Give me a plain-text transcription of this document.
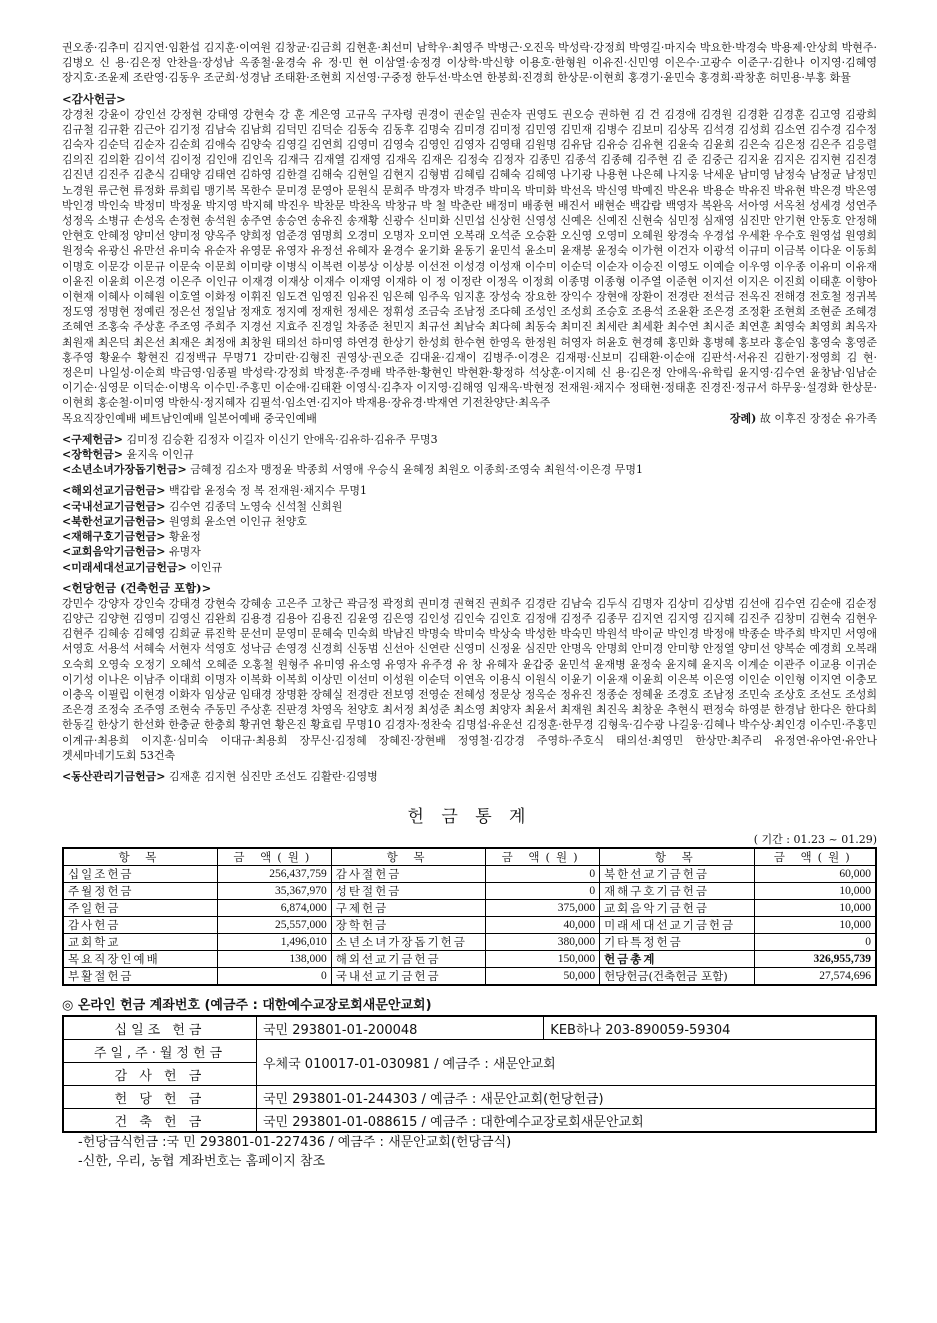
권오종·김추미 김지연·임환섭 김지훈·이여원 김창균·김금희 김현훈·최선미 남학우·최영주 박병근·오진옥 박성락·강정희 박영길·마지숙 박요한·박경숙 박용제·안상희 박현주·김병오 신 용·김은정 안찬을·장성남 옥종철·윤경숙 유 정·민 현 이삼열·송정경 이상학·박신향 이용호·한형원 이유진·신민영 이은수·고광수 이준구·김한나 이지영·김혜영 장지호·조윤제 조란영·김동우 조군희·성경남 조태환·조현희 지선영·구중정 한두선·박소연 한봉희·진경희 한상문·이현희 홍경기·윤민숙 홍경희·곽창훈 허민용·부홍 화뮬

<감사헌금>

강경천 강윤이 강인선 강정현 강태영 강현숙 강 훈 게은영 고규옥 구자령 권경이 권순일 권순자 권영도 권오승 권하현 김 건 김경애 김경원 김경환 김경훈 김고영 김광희 김규철 김규환 김근아 김기정 김남숙 김남희 김덕민 김덕순 김동숙 김동후 김명숙 김미경 김미정 김민영 김민재 김병수 김보미 김상목 김석경 김성희 김소연 김수경 김수정 김숙자 김순덕 김순자 김순희 김애숙 김양숙 김영길 김연희 김영미 김영숙 김영인 김영자 김영태 김원명 김유담 김유승 김유현 김윤숙 김윤희 김은숙 김은정 김은주 김응렬 김의진 김의환 김이석 김이정 김인애 김인옥 김재극 김재열 김재영 김재옥 김재은 김정숙 김정자 김종민 김종석 김종혜 김주현 김 준 김중근 김지윤 김지은 김지현 김진경 김진년 김진주 김춘식 김태양 김태연 김하영 김한결 김해숙 김현일 김현지 김형범 김혜림 김혜숙 김혜영 나기광 나용현 나은혜 나지웅 낙세운 남미영 남정숙 남정균 남정민 노경원 류근현 류정화 류희림 맹기복 목한수 문미경 문영아 문원식 문희주 박경자 박경주 박미옥 박미화 박선옥 박신영 박예진 박온유 박용순 박유진 박유현 박은경 박은영 박인경 박인숙 박정미 박정윤 박지영 박지혜 박진우 박찬문 박찬옥 박창규 박 철 박춘란 배정미 배종현 배진서 배현순 백갑람 백영자 복완옥 서아영 서옥천 성세경 성연주 성정옥 소병규 손성옥 손정현 송석원 송주연 송승연 송유진 송재황 신광수 신미화 신민섭 신상헌 신영성 신예은 신예진 신현숙 심민정 심재영 심진만 안기현 안동호 안정해 안현호 안혜정 양미선 양미정 양옥주 양희정 엄준경 염명희 오경미 오명자 오미연 오복래 오석준 오승환 오신영 오영미 오혜원 왕경숙 우경섭 우세환 우수호 원영섭 원영희 원정숙 유광신 유만선 유미숙 유순자 유영문 유영자 유정선 유혜자 윤경수 윤기화 윤동기 윤민석 윤소미 윤재봉 윤정숙 이가현 이건자 이광석 이규미 이금복 이다운 이동희 이명호 이문강 이문규 이문숙 이문희 이미량 이병식 이복련 이봉상 이상봉 이선전 이성경 이성재 이수미 이순덕 이순자 이승진 이영도 이예슬 이우영 이우종 이유미 이유재 이윤진 이윤희 이은경 이은주 이인규 이재경 이재상 이재수 이재영 이재하 이 정 이정란 이정옥 이정희 이종명 이종형 이주열 이준현 이지선 이지은 이진희 이태훈 이향아 이현재 이혜사 이혜원 이호열 이화정 이휘진 임도견 임영진 임유진 임은혜 임주옥 임지훈 장성숙 장요한 장익수 장현애 장환이 전경란 전석금 전옥진 전해경 전호철 정귀복 정도영 정명현 정예린 정은선 정일남 정재호 정지예 정재헌 정세은 정휘성 조금숙 조남정 조다혜 조성인 조성희 조승호 조용석 조윤환 조은경 조정환 조현희 조현준 조혜경 조혜연 조홍숙 주상훈 주조영 주희주 지경선 지효주 진경일 차종준 천민지 최규선 최남숙 최다혜 최동숙 최미진 최세란 최세환 최수연 최시준 최연훈 최영숙 최영희 최옥자 최원재 최은덕 최은선 최재은 최정애 최창원 태의선 하미영 하연경 한상기 한성희 한수현 한영옥 한정원 허영자 허윤호 현경혜 홍민화 홍병혜 홍보라 홍순임 홍영숙 홍영준 홍주영 황윤수 황현진 김정백규 무명71 강미란·김형진 권영상·권오준 김대윤·김재이 김병주·이경은 김재평·신보미 김태환·이순애 김판석·서유진 김한기·정영희 김 현·정은미 나일성·이순희 박금영·임종필 박성락·강정희 박정훈·주경배 박주한·황현인 박현환·황정하 석상훈·이지혜 신 용·김은정 안애옥·유학림 윤지영·김수연 윤창남·임남순 이기순·심영문 이덕순·이병옥 이수민·주홍민 이순애·김태환 이영식·김추자 이지영·김해영 임재옥·박현정 전재원·채지수 정태현·정태훈 진경진·정규서 하무웅·설경화 한상문·이현희 홍순철·이미영 박한식·정지혜자 김필석·임소연·김지아 박재용·장유경·박재연 기전찬양단·최옥주

목요직장인예배 베트남인예배 일본어예배 중국인예배	장례) 故 이후진 장정순 유가족
<구제헌금> 김미정 김승환 김정자 이길자 이신기 안애옥·김유하·김유주 무명3
<장학헌금> 윤지옥 이인규
<소년소녀가장돕기헌금> 금혜정 김소자 맹정윤 박종희 서영애 우승식 윤혜정 최원오 이종희·조영숙 최원석·이은경 무명1
<해외선교기금헌금> 백갑람 윤정숙 정 복 전재원·채지수 무명1
<국내선교기금헌금> 김수연 김종덕 노영숙 신석철 신희원
<북한선교기금헌금> 원영희 윤소연 이인규 천양호
<재해구호기금헌금> 황윤정
<교회음악기금헌금> 유명자
<미래세대선교기금헌금> 이인규
<헌당헌금 (건축헌금 포함)>

강민수 강양자 강인숙 강태경 강현숙 강혜송 고은주 고창근 곽금정 곽정희 권미경 권혁진 권희주 김경란 김남숙 김두식 김명자 김상미 김상범 김선애 김수연 김순애 김순정 김양근 김양현 김영미 김영신 김완희 김용경 김용아 김용진 김윤영 김은영 김인성 김인숙 김인호 김정애 김정주 김종무 김지연 김지영 김지혜 김진주 김창미 김현숙 김현우 김현주 김혜송 김혜영 김희균 류진학 문선미 문영미 문혜숙 민숙희 박남진 박명숙 박미숙 박상숙 박성한 박숙민 박원석 박이균 박인경 박정애 박종순 박주희 박지민 서영애 서영호 서용석 서혜숙 서현자 석영호 성낙금 손영경 신경희 신동범 신선아 신연란 신영미 신정윤 심진만 안명옥 안명희 안미경 안미향 안정열 양미선 양복순 예경희 오복래 오숙희 오영숙 오정기 오혜석 오혜준 오홍철 원형주 유미영 유소영 유영자 유주경 유 창 유혜자 윤갑중 윤민석 윤재병 윤정숙 윤지혜 윤지옥 이계순 이관주 이교용 이귀순 이기성 이나은 이남주 이대희 이명자 이복화 이복희 이상민 이선미 이성원 이순덕 이연옥 이용식 이원식 이윤기 이윤재 이윤희 이은복 이은영 이인순 이인형 이지연 이충모 이충옥 이필립 이현경 이화자 임상균 임태경 장명환 장혜실 전경란 전보영 전영순 전혜성 정문상 정옥순 정유진 정종순 정혜윤 조경호 조남정 조민숙 조상호 조선도 조성희 조은경 조정숙 조주영 조현숙 주동민 주상훈 진판경 차영옥 천양호 최서정 최성준 최소영 최양자 최윤서 최재원 최진옥 최창운 추현식 편정숙 하영분 한경남 한다은 한다희 한동길 한상기 한선화 한충균 한충희 황귀연 황은진 황효림 무명10 김경자·정찬숙 김명섭·유운선 김정훈·한무경 김형욱·김수광 나길웅·김혜나 박수상·최인경 이수민·주홍민 이계규·최용희 이지훈·심미숙 이대규·최용희 장무신·김정혜 장혜진·장현배 정영철·김강경 주영하·주호식 태의선·최영민 한상만·최주리 유정연·유아연·유안나 겟세마네기도회 53건축

<동산관리기금헌금> 김재훈 김지현 심진만 조선도 김활란·김영병
헌 금 통 계
( 기간 : 01.23 ~ 01.29)
항 목	금 액(원)	항 목	금 액(원)	항 목	금 액(원)
십일조헌금	256,437,759	감사절헌금	0	북한선교기금헌금	60,000
주월정헌금	35,367,970	성탄절헌금	0	재해구호기금헌금	10,000
주일헌금	6,874,000	구제헌금	375,000	교회음악기금헌금	10,000
감사헌금	25,557,000	장학헌금	40,000	미래세대선교기금헌금	10,000
교회학교	1,496,010	소년소녀가장돕기헌금	380,000	기타특정헌금	0
목요직장인예배	138,000	해외선교기금헌금	150,000	헌금총계	326,955,739
부활절헌금	0	국내선교기금헌금	50,000	헌당헌금(건축헌금 포함)	27,574,696
◎ 온라인 헌금 계좌번호 (예금주 : 대한예수교장로회새문안교회)
십일조 헌금	국민 293801-01-200048	KEB하나 203-890059-59304
주일,주·월정헌금	우체국 010017-01-030981 / 예금주 : 새문안교회	
감 사 헌 금		
헌 당 헌 금	국민 293801-01-244303 / 예금주 : 새문안교회(헌당헌금)	
건 축 헌 금	국민 293801-01-088615 / 예금주 : 대한예수교장로회새문안교회	
-헌당금식헌금 :국 민 293801-01-227436 / 예금주 : 새문안교회(헌당금식)
-신한, 우리, 농협 계좌번호는 홈페이지 참조
